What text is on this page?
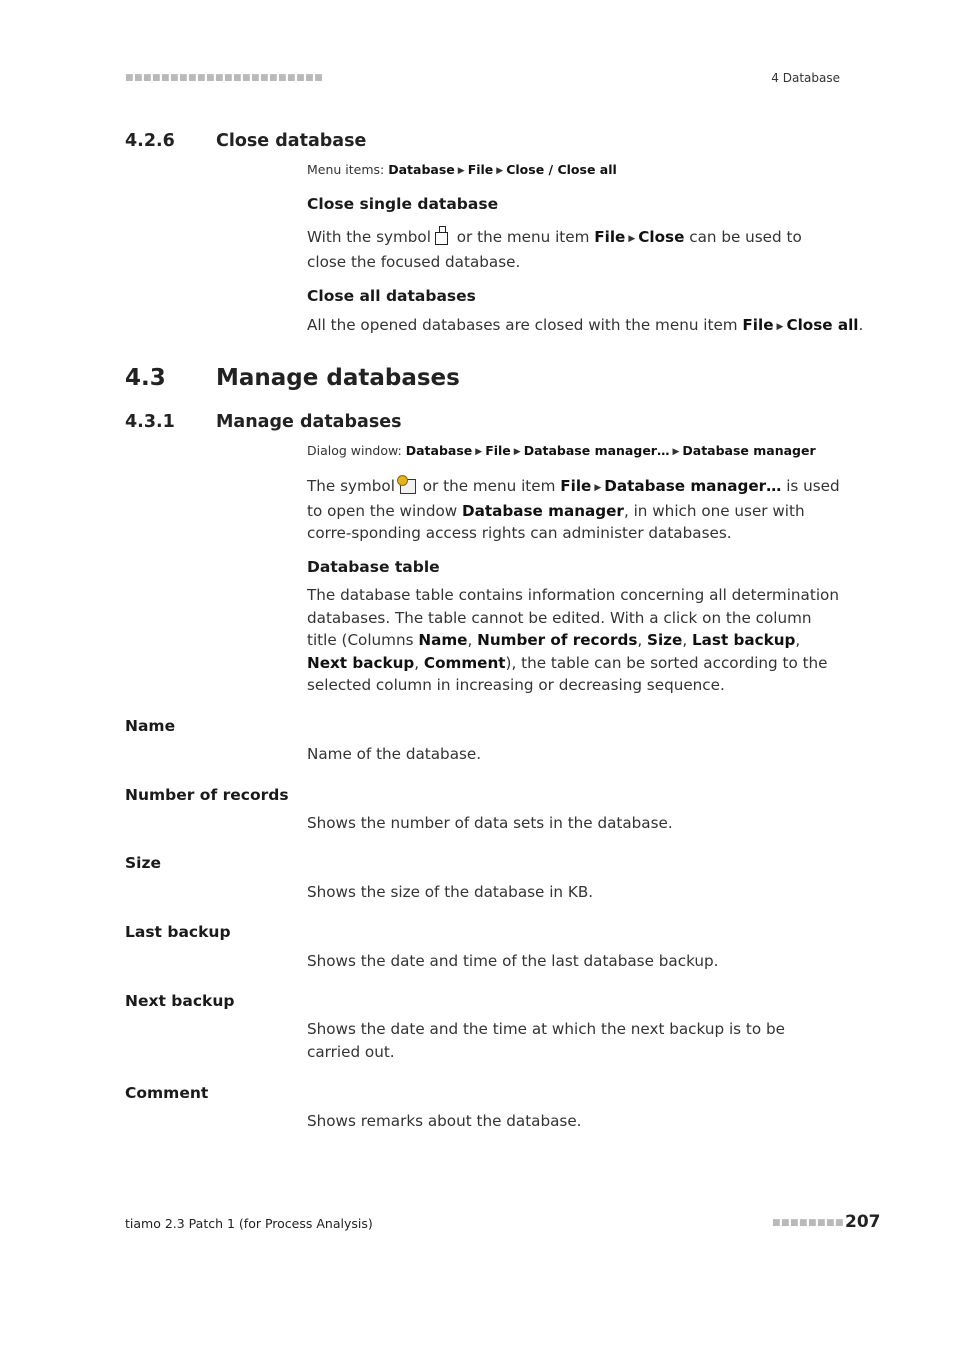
■■■■■■■■■■■■■■■■■■■■■■	4 Database
4.2.6 Close database
Menu items: Database ▶ File ▶ Close / Close all
Close single database
With the symbol or the menu item File ▶ Close can be used to close the focused database.
Close all databases
All the opened databases are closed with the menu item File ▶ Close all.
4.3 Manage databases
4.3.1 Manage databases
Dialog window: Database ▶ File ▶ Database manager… ▶ Database manager
The symbol or the menu item File ▶ Database manager… is used to open the window Database manager, in which one user with corre-sponding access rights can administer databases.
Database table
The database table contains information concerning all determination databases. The table cannot be edited. With a click on the column title (Columns Name, Number of records, Size, Last backup, Next backup, Comment), the table can be sorted according to the selected column in increasing or decreasing sequence.
Name
Name of the database.
Number of records
Shows the number of data sets in the database.
Size
Shows the size of the database in KB.
Last backup
Shows the date and time of the last database backup.
Next backup
Shows the date and the time at which the next backup is to be carried out.
Comment
Shows remarks about the database.
tiamo 2.3 Patch 1 (for Process Analysis)	■■■■■■■■ 207
